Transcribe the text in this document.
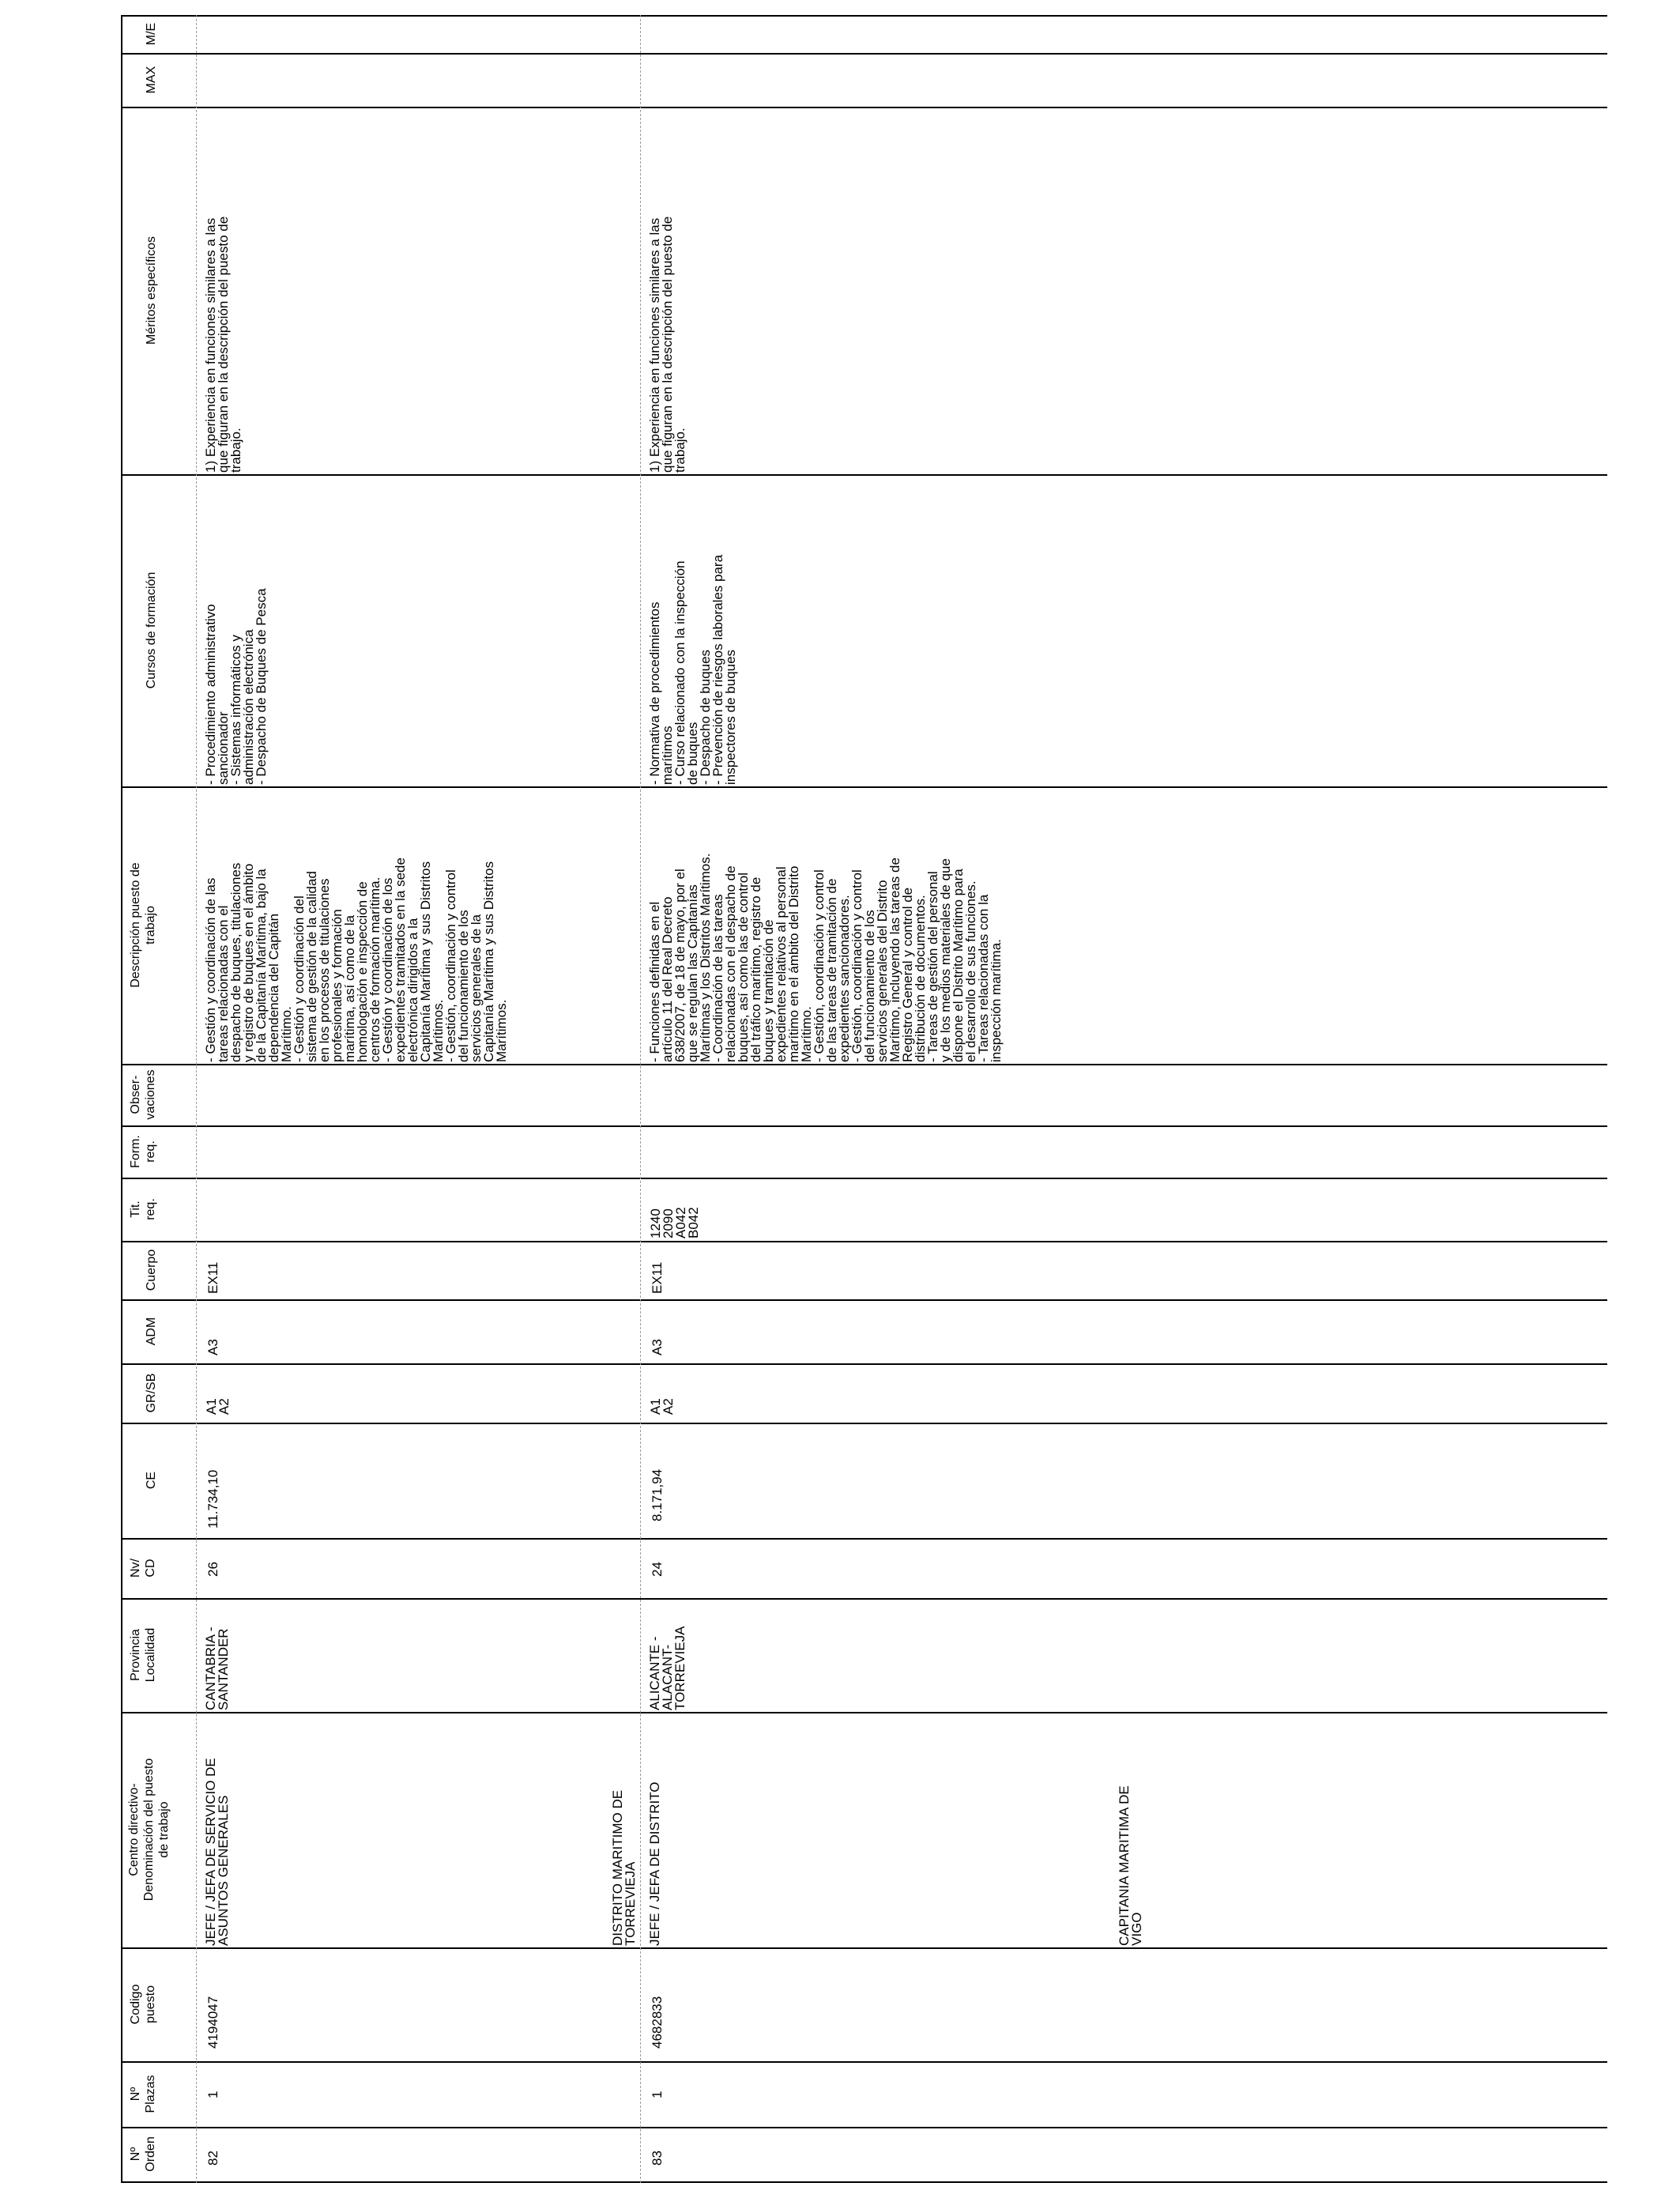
Nº
Orden
Nº
Plazas
Codigo
puesto
Centro directivo-
Denominación del puesto
de trabajo
Provincia
Localidad
Nv/
CD
CE
GR/SB
ADM
Cuerpo
Tit.
req.
Form.
req.
Obser-
vaciones
Descripción puesto de
trabajo
Cursos de formación
Méritos específicos
MAX
M/E
82
1
4194047
JEFE / JEFA DE SERVICIO DE
ASUNTOS GENERALES
CANTABRIA -
SANTANDER
26
11.734,10
A1
A2
A3
EX11
- Gestión y coordinación de las
tareas relacionadas con el
despacho de buques, titulaciones
y registro de buques en el ámbito
de la Capitanía Marítima, bajo la
dependencia del Capitán
Marítimo.
- Gestión y coordinación del
sistema de gestión de la calidad
en los procesos de titulaciones
profesionales y formación
marítima, así como de la
homologación e inspección de
centros de formación marítima.
- Gestión y coordinación de los
expedientes tramitados en la sede
electrónica dirigidos a la
Capitanía Marítima y sus Distritos
Marítimos.
- Gestión, coordinación y control
del funcionamiento de los
servicios generales de la
Capitanía Marítima y sus Distritos
Marítimos.
- Procedimiento administrativo
sancionador
- Sistemas informáticos y
administración electrónica
- Despacho de Buques de Pesca
1) Experiencia en funciones similares a las
que figuran en la descripción del puesto de
trabajo.
DISTRITO MARITIMO DE
TORREVIEJA
83
1
4682833
JEFE / JEFA DE DISTRITO
ALICANTE -
ALACANT-
TORREVIEJA
24
8.171,94
A1
A2
A3
EX11
1240
2090
A042
B042
- Funciones definidas en el
artículo 11 del Real Decreto
638/2007, de 18 de mayo, por el
que se regulan las Capitanías
Marítimas y los Distritos Marítimos.
- Coordinación de las tareas
relacionadas con el despacho de
buques, así como las de control
del tráfico marítimo, registro de
buques y tramitación de
expedientes relativos al personal
marítimo en el ámbito del Distrito
Marítimo.
- Gestión, coordinación y control
de las tareas de tramitación de
expedientes sancionadores.
- Gestión, coordinación y control
del funcionamiento de los
servicios generales del Distrito
Marítimo, incluyendo las tareas de
Registro General y control de
distribución de documentos.
- Tareas de gestión del personal
y de los medios materiales de que
dispone el Distrito Marítimo para
el desarrollo de sus funciones.
- Tareas relacionadas con la
inspección marítima.
- Normativa de procedimientos
marítimos
- Curso relacionado con la inspección
de buques
- Despacho de buques
- Prevención de riesgos laborales para
inspectores de buques
1) Experiencia en funciones similares a las
que figuran en la descripción del puesto de
trabajo.
CAPITANIA MARITIMA DE
VIGO
